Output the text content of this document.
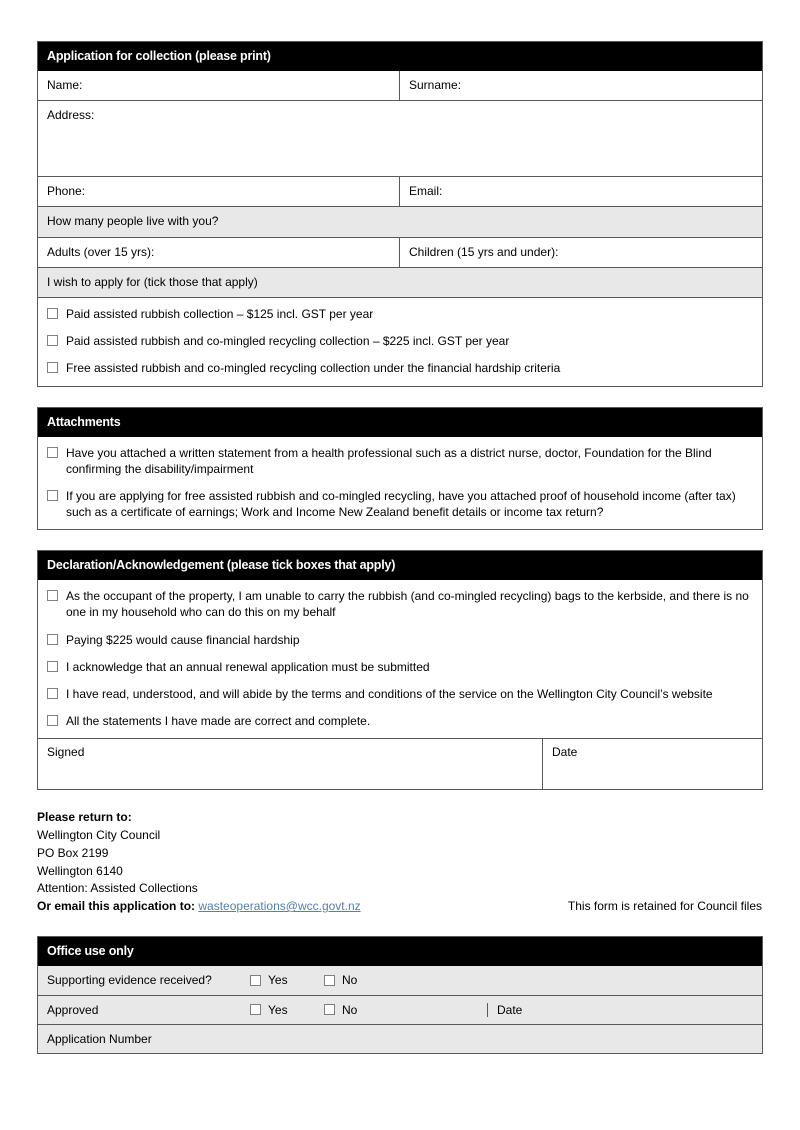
Application for collection (please print)
Name:	Surname:
Address:
Phone:	Email:
How many people live with you?
Adults (over 15 yrs):	Children (15 yrs and under):
I wish to apply for (tick those that apply)
Paid assisted rubbish collection – $125 incl. GST per year
Paid assisted rubbish and co-mingled recycling collection – $225 incl. GST per year
Free assisted rubbish and co-mingled recycling collection under the financial hardship criteria
Attachments
Have you attached a written statement from a health professional such as a district nurse, doctor, Foundation for the Blind confirming the disability/impairment
If you are applying for free assisted rubbish and co-mingled recycling, have you attached proof of household income (after tax) such as a certificate of earnings; Work and Income New Zealand benefit details or income tax return?
Declaration/Acknowledgement (please tick boxes that apply)
As the occupant of the property, I am unable to carry the rubbish (and co-mingled recycling) bags to the kerbside, and there is no one in my household who can do this on my behalf
Paying $225 would cause financial hardship
I acknowledge that an annual renewal application must be submitted
I have read, understood, and will abide by the terms and conditions of the service on the Wellington City Council’s website
All the statements I have made are correct and complete.
Signed	Date
Please return to:
Wellington City Council
PO Box 2199
Wellington 6140
Attention: Assisted Collections
Or email this application to: wasteoperations@wcc.govt.nz	This form is retained for Council files
Office use only
Supporting evidence received?	Yes	No
Approved	Yes	No	Date
Application Number
